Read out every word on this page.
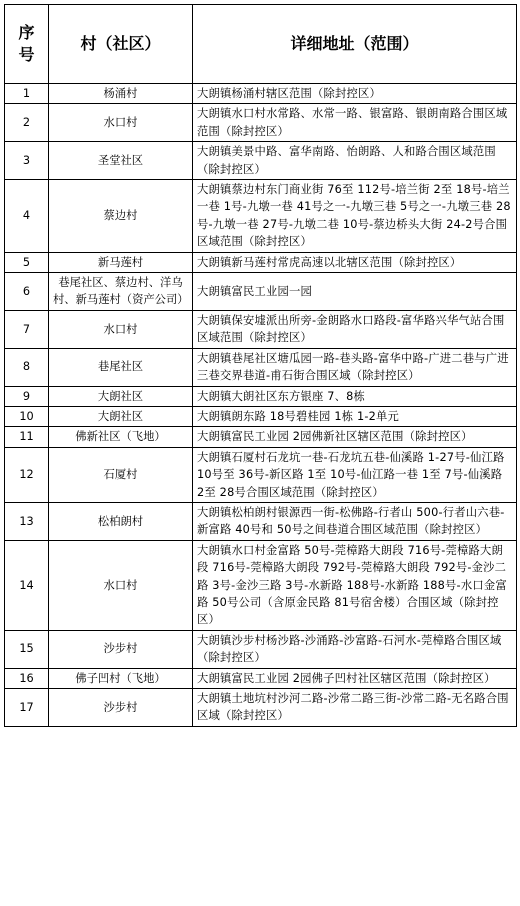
序号	村（社区）	详细地址（范围）
1	杨涌村	大朗镇杨涌村辖区范围（除封控区）
2	水口村	大朗镇水口村水常路、水常一路、银富路、银朗南路合围区域范围（除封控区）
3	圣堂社区	大朗镇美景中路、富华南路、怡朗路、人和路合围区域范围（除封控区）
4	蔡边村	大朗镇蔡边村东门商业街 76至 112号-培兰街 2至 18号-培兰一巷 1号-九墩一巷 41号之一-九墩三巷 5号之一-九墩三巷 28号-九墩一巷 27号-九墩二巷 10号-蔡边桥头大街 24-2号合围区域范围（除封控区）
5	新马莲村	大朗镇新马莲村常虎高速以北辖区范围（除封控区）
6	巷尾社区、蔡边村、洋乌村、新马莲村（资产公司）	大朗镇富民工业园一园
7	水口村	大朗镇保安墟派出所旁-金朗路水口路段-富华路兴华气站合围区域范围（除封控区）
8	巷尾社区	大朗镇巷尾社区塘瓜园一路-巷头路-富华中路-广进二巷与广进三巷交界巷道-甫石街合围区域（除封控区）
9	大朗社区	大朗镇大朗社区东方银座 7、8栋
10	大朗社区	大朗镇朗东路 18号碧桂园 1栋 1-2单元
11	佛新社区（飞地）	大朗镇富民工业园 2园佛新社区辖区范围（除封控区）
12	石厦村	大朗镇石厦村石龙坑一巷-石龙坑五巷-仙溪路 1-27号-仙江路 10号至 36号-新区路 1至 10号-仙江路一巷 1至 7号-仙溪路 2至 28号合围区域范围（除封控区）
13	松柏朗村	大朗镇松柏朗村银源西一街-松佛路-行者山 500-行者山六巷-新富路 40号和 50号之间巷道合围区域范围（除封控区）
14	水口村	大朗镇水口村金富路 50号-莞樟路大朗段 716号-莞樟路大朗段 716号-莞樟路大朗段 792号-莞樟路大朗段 792号-金沙二路 3号-金沙三路 3号-水新路 188号-水新路 188号-水口金富路 50号公司（含原金民路 81号宿舍楼）合围区域（除封控区）
15	沙步村	大朗镇沙步村杨沙路-沙涌路-沙富路-石河水-莞樟路合围区域（除封控区）
16	佛子凹村（飞地）	大朗镇富民工业园 2园佛子凹村社区辖区范围（除封控区）
17	沙步村	大朗镇土地坑村沙河二路-沙常二路三街-沙常二路-无名路合围区域（除封控区）
